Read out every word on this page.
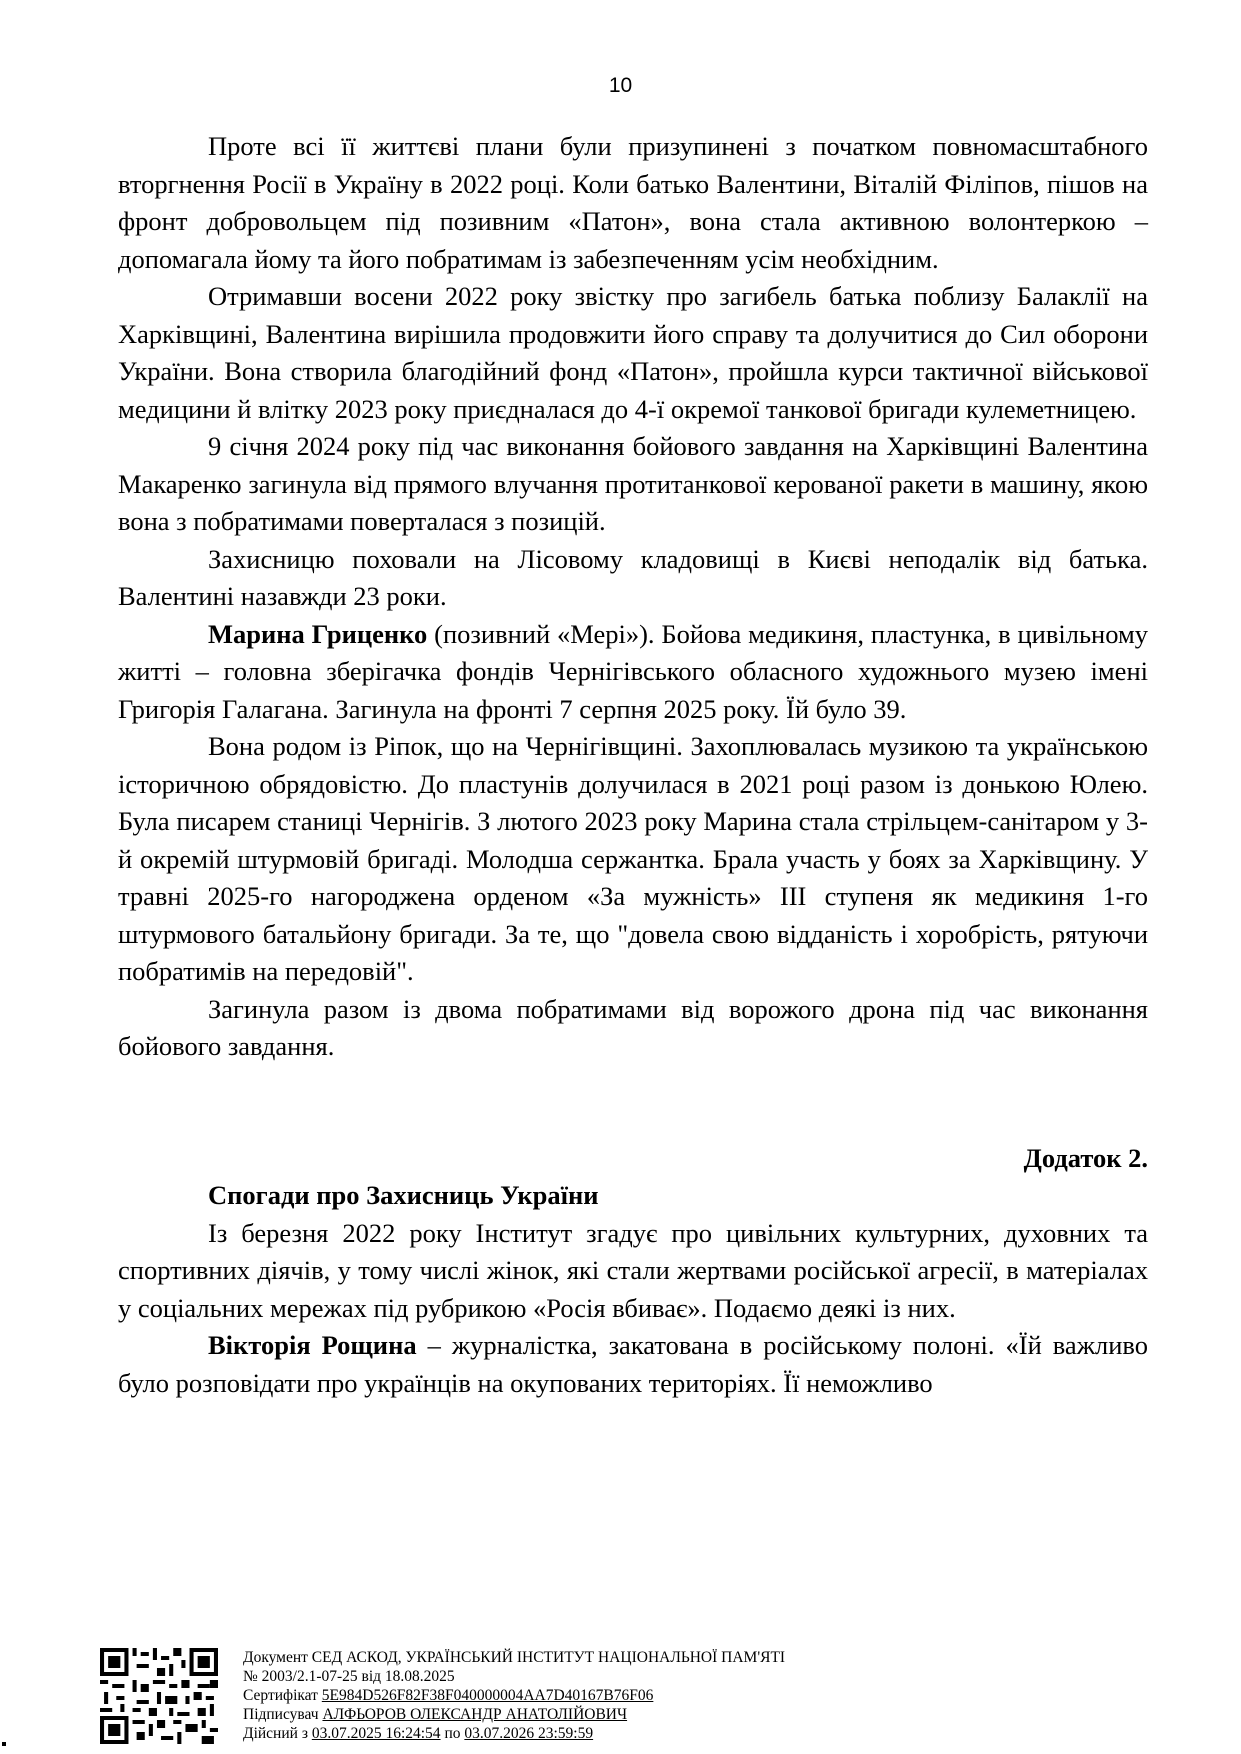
10

Проте всі її життєві плани були призупинені з початком повномасштабного вторгнення Росії в Україну в 2022 році. Коли батько Валентини, Віталій Філіпов, пішов на фронт добровольцем під позивним «Патон», вона стала активною волонтеркою – допомагала йому та його побратимам із забезпеченням усім необхідним.

Отримавши восени 2022 року звістку про загибель батька поблизу Балаклії на Харківщині, Валентина вирішила продовжити його справу та долучитися до Сил оборони України. Вона створила благодійний фонд «Патон», пройшла курси тактичної військової медицини й влітку 2023 року приєдналася до 4-ї окремої танкової бригади кулеметницею.

9 січня 2024 року під час виконання бойового завдання на Харківщині Валентина Макаренко загинула від прямого влучання протитанкової керованої ракети в машину, якою вона з побратимами поверталася з позицій.

Захисницю поховали на Лісовому кладовищі в Києві неподалік від батька. Валентині назавжди 23 роки.

Марина Гриценко (позивний «Мері»). Бойова медикиня, пластунка, в цивільному житті – головна зберігачка фондів Чернігівського обласного художнього музею імені Григорія Галагана. Загинула на фронті 7 серпня 2025 року. Їй було 39.

Вона родом із Ріпок, що на Чернігівщині. Захоплювалась музикою та українською історичною обрядовістю. До пластунів долучилася в 2021 році разом із донькою Юлею. Була писарем станиці Чернігів. З лютого 2023 року Марина стала стрільцем-санітаром у 3-й окремій штурмовій бригаді. Молодша сержантка. Брала участь у боях за Харківщину. У травні 2025-го нагороджена орденом «За мужність» ІІІ ступеня як медикиня 1-го штурмового батальйону бригади. За те, що "довела свою відданість і хоробрість, рятуючи побратимів на передовій".

Загинула разом із двома побратимами від ворожого дрона під час виконання бойового завдання.

Додаток 2.

Спогади про Захисниць України

Із березня 2022 року Інститут згадує про цивільних культурних, духовних та спортивних діячів, у тому числі жінок, які стали жертвами російської агресії, в матеріалах у соціальних мережах під рубрикою «Росія вбиває». Подаємо деякі із них.

Вікторія Рощина – журналістка, закатована в російському полоні. «Їй важливо було розповідати про українців на окупованих територіях. Її неможливо

Документ СЕД АСКОД, УКРАЇНСЬКИЙ ІНСТИТУТ НАЦІОНАЛЬНОЇ ПАМ'ЯТІ
№ 2003/2.1-07-25 від 18.08.2025
Сертифікат 5E984D526F82F38F040000004AA7D40167B76F06
Підписувач АЛФЬОРОВ ОЛЕКСАНДР АНАТОЛІЙОВИЧ
Дійсний з 03.07.2025 16:24:54 по 03.07.2026 23:59:59
